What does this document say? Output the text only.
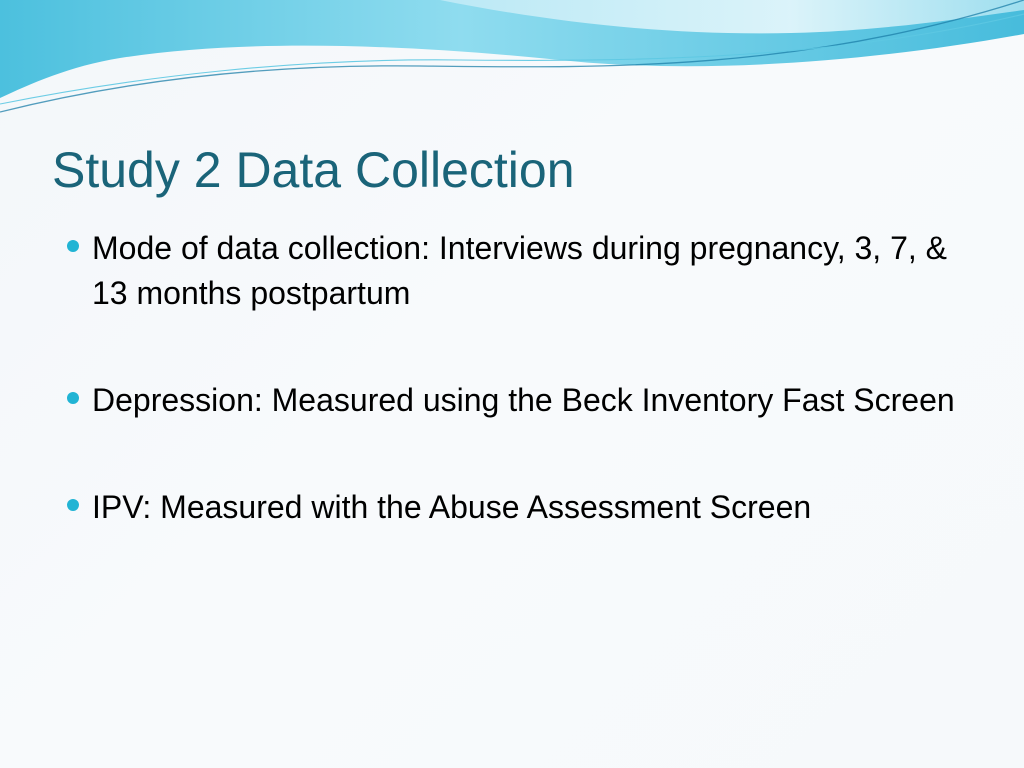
Study 2 Data Collection
Mode of data collection: Interviews during pregnancy, 3, 7, & 13 months postpartum
Depression: Measured using the Beck Inventory Fast Screen
IPV: Measured with the Abuse Assessment Screen
